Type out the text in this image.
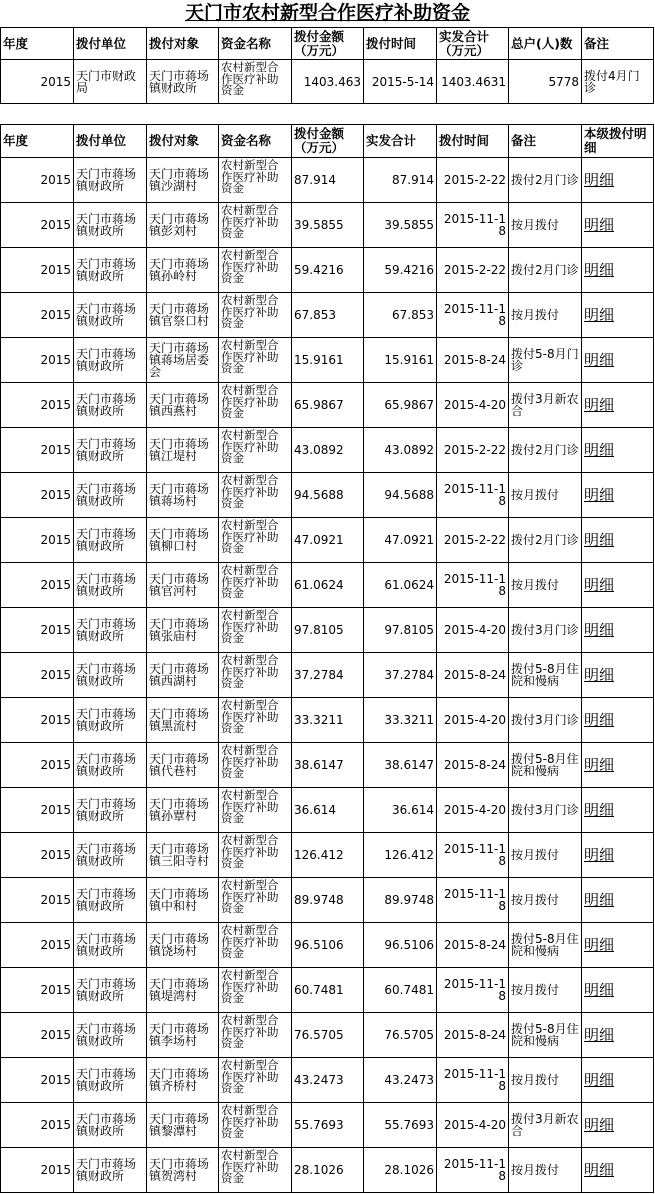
天门市农村新型合作医疗补助资金
年度	拨付单位	拨付对象	资金名称	拨付金额（万元）	拨付时间	实发合计（万元）	总户(人)数	备注
2015	天门市财政局	天门市蒋场镇财政所	农村新型合作医疗补助资金	1403.463	2015-5-14	1403.4631	5778	拨付4月门诊
年度	拨付单位	拨付对象	资金名称	拨付金额（万元）	实发合计	拨付时间	备注	本级拨付明细
2015	天门市蒋场镇财政所	天门市蒋场镇沙湖村	农村新型合作医疗补助资金	87.914	87.914	2015-2-22	拨付2月门诊	明细
2015	天门市蒋场镇财政所	天门市蒋场镇彭刘村	农村新型合作医疗补助资金	39.5855	39.5855	2015-11-18	按月拨付	明细
2015	天门市蒋场镇财政所	天门市蒋场镇孙岭村	农村新型合作医疗补助资金	59.4216	59.4216	2015-2-22	拨付2月门诊	明细
2015	天门市蒋场镇财政所	天门市蒋场镇官祭口村	农村新型合作医疗补助资金	67.853	67.853	2015-11-18	按月拨付	明细
2015	天门市蒋场镇财政所	天门市蒋场镇蒋场居委会	农村新型合作医疗补助资金	15.9161	15.9161	2015-8-24	拨付5-8月门诊	明细
2015	天门市蒋场镇财政所	天门市蒋场镇西燕村	农村新型合作医疗补助资金	65.9867	65.9867	2015-4-20	拨付3月新农合	明细
2015	天门市蒋场镇财政所	天门市蒋场镇江堤村	农村新型合作医疗补助资金	43.0892	43.0892	2015-2-22	拨付2月门诊	明细
2015	天门市蒋场镇财政所	天门市蒋场镇蒋场村	农村新型合作医疗补助资金	94.5688	94.5688	2015-11-18	按月拨付	明细
2015	天门市蒋场镇财政所	天门市蒋场镇柳口村	农村新型合作医疗补助资金	47.0921	47.0921	2015-2-22	拨付2月门诊	明细
2015	天门市蒋场镇财政所	天门市蒋场镇官河村	农村新型合作医疗补助资金	61.0624	61.0624	2015-11-18	按月拨付	明细
2015	天门市蒋场镇财政所	天门市蒋场镇张庙村	农村新型合作医疗补助资金	97.8105	97.8105	2015-4-20	拨付3月门诊	明细
2015	天门市蒋场镇财政所	天门市蒋场镇西湖村	农村新型合作医疗补助资金	37.2784	37.2784	2015-8-24	拨付5-8月住院和慢病	明细
2015	天门市蒋场镇财政所	天门市蒋场镇黑流村	农村新型合作医疗补助资金	33.3211	33.3211	2015-4-20	拨付3月门诊	明细
2015	天门市蒋场镇财政所	天门市蒋场镇代巷村	农村新型合作医疗补助资金	38.6147	38.6147	2015-8-24	拨付5-8月住院和慢病	明细
2015	天门市蒋场镇财政所	天门市蒋场镇孙覃村	农村新型合作医疗补助资金	36.614	36.614	2015-4-20	拨付3月门诊	明细
2015	天门市蒋场镇财政所	天门市蒋场镇三阳寺村	农村新型合作医疗补助资金	126.412	126.412	2015-11-18	按月拨付	明细
2015	天门市蒋场镇财政所	天门市蒋场镇中和村	农村新型合作医疗补助资金	89.9748	89.9748	2015-11-18	按月拨付	明细
2015	天门市蒋场镇财政所	天门市蒋场镇饶场村	农村新型合作医疗补助资金	96.5106	96.5106	2015-8-24	拨付5-8月住院和慢病	明细
2015	天门市蒋场镇财政所	天门市蒋场镇堤湾村	农村新型合作医疗补助资金	60.7481	60.7481	2015-11-18	按月拨付	明细
2015	天门市蒋场镇财政所	天门市蒋场镇李场村	农村新型合作医疗补助资金	76.5705	76.5705	2015-8-24	拨付5-8月住院和慢病	明细
2015	天门市蒋场镇财政所	天门市蒋场镇齐桥村	农村新型合作医疗补助资金	43.2473	43.2473	2015-11-18	按月拨付	明细
2015	天门市蒋场镇财政所	天门市蒋场镇黎潭村	农村新型合作医疗补助资金	55.7693	55.7693	2015-4-20	拨付3月新农合	明细
2015	天门市蒋场镇财政所	天门市蒋场镇贺湾村	农村新型合作医疗补助资金	28.1026	28.1026	2015-11-18	按月拨付	明细
